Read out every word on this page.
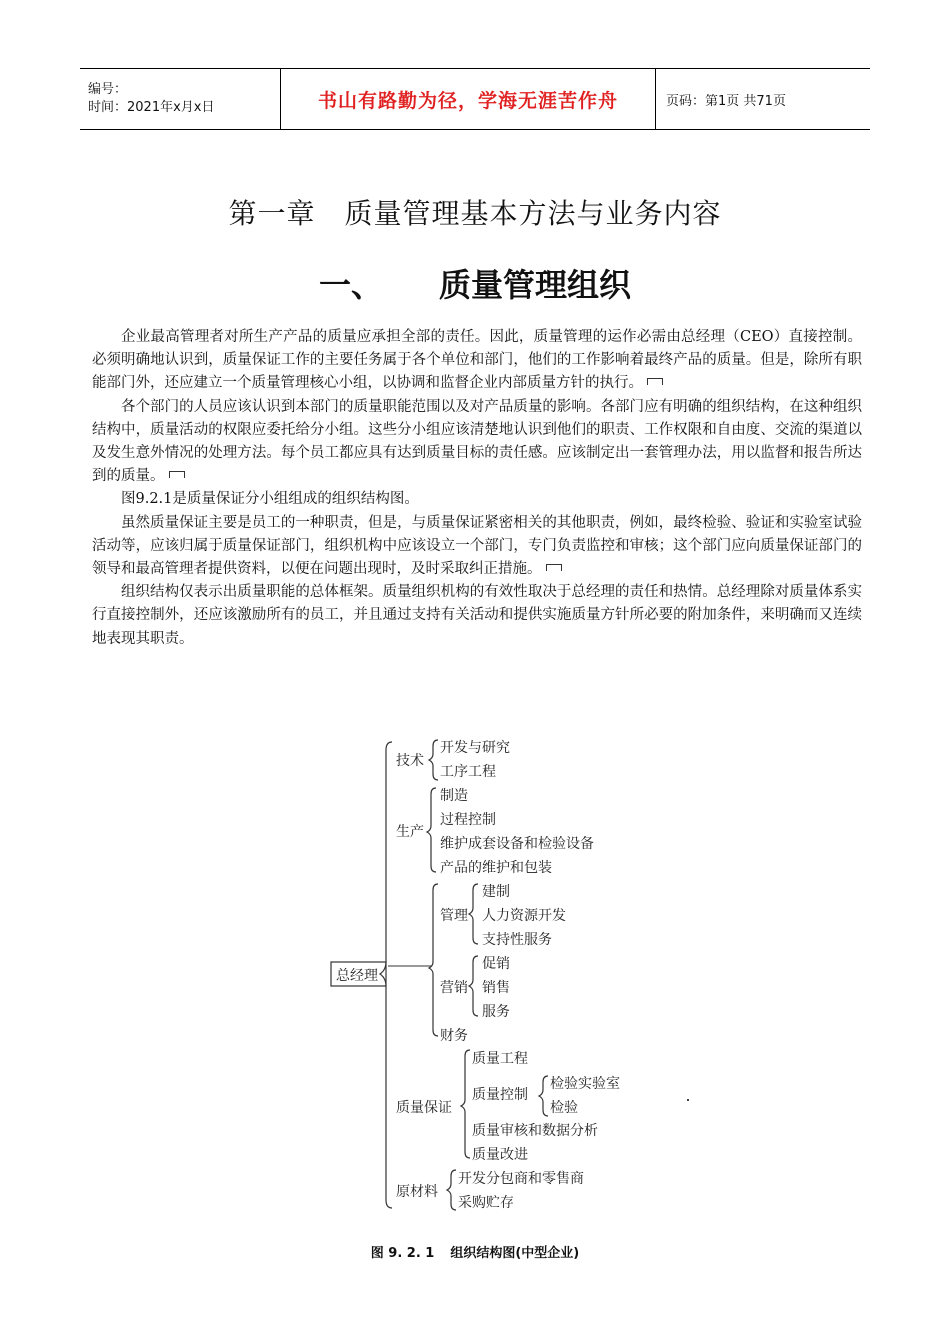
编号：
时间：2021年x月x日	书山有路勤为径，学海无涯苦作舟	页码：第1页 共71页
第一章　质量管理基本方法与业务内容
一、 质量管理组织

企业最高管理者对所生产产品的质量应承担全部的责任。因此，质量管理的运作必需由总经理（CEO）直接控制。必须明确地认识到，质量保证工作的主要任务属于各个单位和部门，他们的工作影响着最终产品的质量。但是，除所有职能部门外，还应建立一个质量管理核心小组，以协调和监督企业内部质量方针的执行。

各个部门的人员应该认识到本部门的质量职能范围以及对产品质量的影响。各部门应有明确的组织结构，在这种组织结构中，质量活动的权限应委托给分小组。这些分小组应该清楚地认识到他们的职责、工作权限和自由度、交流的渠道以及发生意外情况的处理方法。每个员工都应具有达到质量目标的责任感。应该制定出一套管理办法，用以监督和报告所达到的质量。

图9.2.1是质量保证分小组组成的组织结构图。

虽然质量保证主要是员工的一种职责，但是，与质量保证紧密相关的其他职责，例如，最终检验、验证和实验室试验活动等，应该归属于质量保证部门，组织机构中应该设立一个部门，专门负责监控和审核；这个部门应向质量保证部门的领导和最高管理者提供资料，以便在问题出现时，及时采取纠正措施。

组织结构仅表示出质量职能的总体框架。质量组织机构的有效性取决于总经理的责任和热情。总经理除对质量体系实行直接控制外，还应该激励所有的员工，并且通过支持有关活动和提供实施质量方针所必要的附加条件，来明确而又连续地表现其职责。

总经理
技术
开发与研究
工序工程
生产
制造
过程控制
维护成套设备和检验设备
产品的维护和包装
管理
建制
人力资源开发
支持性服务
营销
促销
销售
服务
财务
质量保证
质量工程
质量控制
检验实验室
检验
质量审核和数据分析
质量改进
原材料
开发分包商和零售商
采购贮存
图 9. 2. 1 组织结构图(中型企业)
